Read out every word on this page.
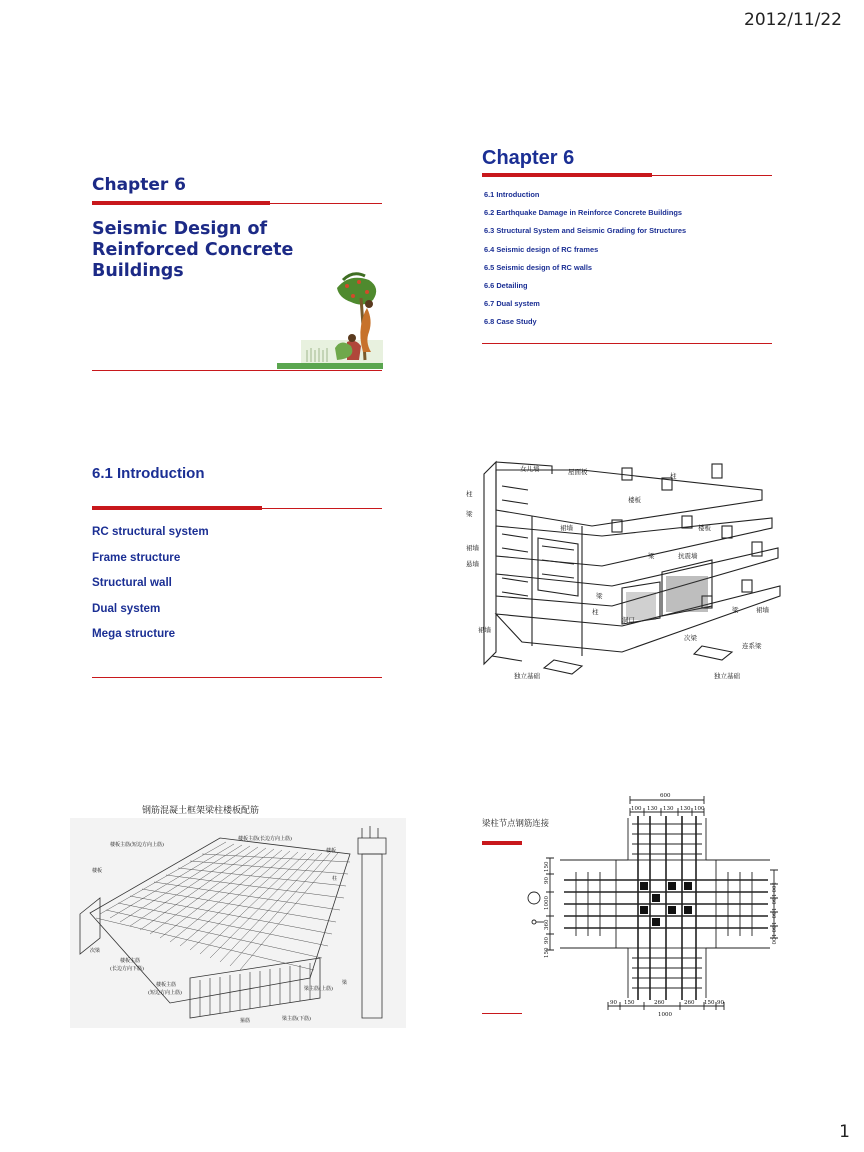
2012/11/22
1
Chapter 6
Seismic Design of
Reinforced Concrete
Buildings
Chapter 6
6.1 Introduction
6.2 Earthquake Damage in Reinforce Concrete Buildings
6.3 Structural System and Seismic Grading for Structures
6.4 Seismic design of RC frames
6.5 Seismic design of RC walls
6.6 Detailing
6.7 Dual system
6.8 Case Study
6.1 Introduction
RC structural system
Frame structure
Structural wall
Dual system
Mega structure
女儿墙	屋面板	柱
柱
梁
裙墙
悬墙
裙墙
楼板
楼板
梁	抗震墙
梁
柱
洞口
梁	裙墙
裙墙
次梁
连系梁
独立基础	独立基础
钢筋混凝土框架梁柱楼板配筋
楼板主筋(短边方向上筋)
楼板主筋(长边方向上筋)
楼板
楼板
柱
次梁
楼板主筋
(长边方向下筋)
楼板主筋
(短边方向上筋)
梁主筋(上筋)
梁
箍筋	梁主筋(下筋)
梁柱节点钢筋连接
600
100 130 130 130 100
90 150	260	260 150 90
1000
150
90
1000
360
90
150
100
130
130
130
100
